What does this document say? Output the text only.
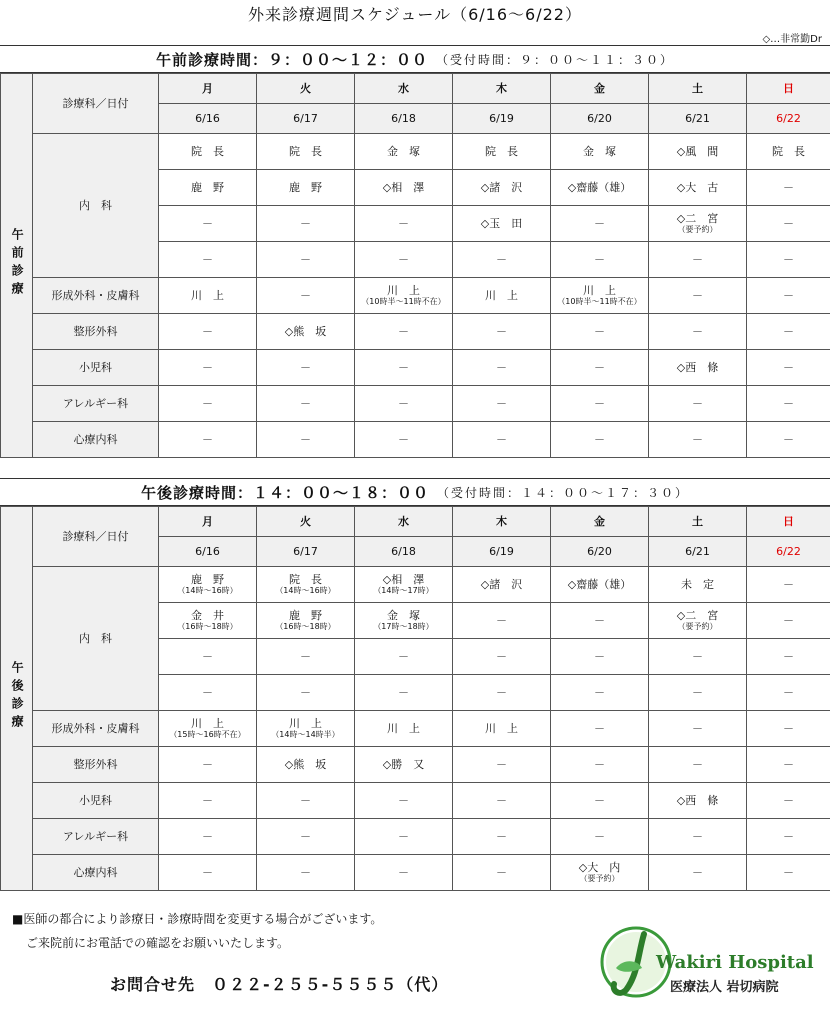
外来診療週間スケジュール（6/16～6/22）
◇…非常勤Dr
午前診療時間：９：００～１２：００ （受付時間：９：００～１１：３０）
午前診療	診療科／日付	月	火	水	木	金	土	日
		6/16	6/17	6/18	6/19	6/20	6/21	6/22
	内　科	院　長	院　長	金　塚	院　長	金　塚	◇風　間	院　長

		鹿　野	鹿　野	◇相　澤	◇諸　沢	◇齋藤（雄）	◇大　古	－

		－	－	－	◇玉　田	－	◇二　宮
（要予約）	－

		－	－	－	－	－	－	－

	形成外科・皮膚科	川　上	－	川　上
（10時半～11時不在）	川　上	川　上
（10時半～11時不在）	－	－

	整形外科	－	◇熊　坂	－	－	－	－	－

	小児科	－	－	－	－	－	◇西　條	－

	アレルギー科	－	－	－	－	－	－	－

	心療内科	－	－	－	－	－	－	－
午後診療時間：１４：００～１８：００ （受付時間：１４：００～１７：３０）
午後診療	診療科／日付	月	火	水	木	金	土	日
		6/16	6/17	6/18	6/19	6/20	6/21	6/22
	内　科	鹿　野
（14時～16時）	院　長
（14時～16時）	◇相　澤
（14時～17時）	◇諸　沢	◇齋藤（雄）	未　定	－

		金　井
（16時～18時）	鹿　野
（16時～18時）	金　塚
（17時～18時）	－	－	◇二　宮
（要予約）	－

		－	－	－	－	－	－	－

		－	－	－	－	－	－	－

	形成外科・皮膚科	川　上
（15時～16時不在）	川　上
（14時～14時半）	川　上	川　上	－	－	－

	整形外科	－	◇熊　坂	◇勝　又	－	－	－	－

	小児科	－	－	－	－	－	◇西　條	－

	アレルギー科	－	－	－	－	－	－	－

	心療内科	－	－	－	－	◇大　内
（要予約）	－	－
■医師の都合により診療日・診療時間を変更する場合がございます。
ご来院前にお電話での確認をお願いいたします。
お問合せ先　０２２-２５５-５５５５（代）
Wakiri Hospital
医療法人 岩切病院
